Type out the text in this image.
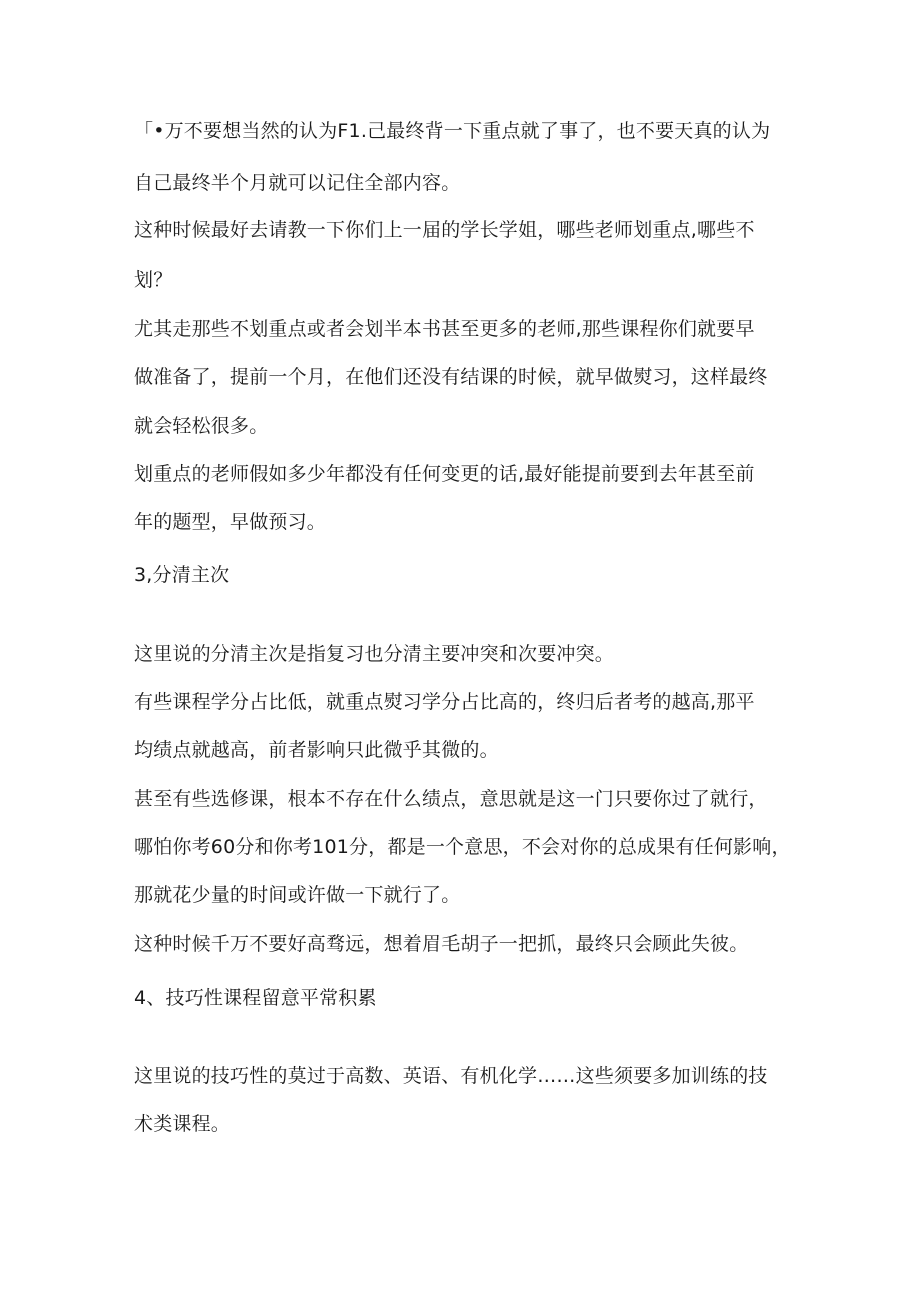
「•万不要想当然的认为F1.己最终背一下重点就了事了，也不要天真的认为

自己最终半个月就可以记住全部内容。

这种时候最好去请教一下你们上一届的学长学姐，哪些老师划重点,哪些不

划？

尤其走那些不划重点或者会划半本书甚至更多的老师,那些课程你们就要早

做准备了，提前一个月，在他们还没有结课的时候，就早做熨习，这样最终

就会轻松很多。

划重点的老师假如多少年都没有任何变更的话,最好能提前要到去年甚至前

年的题型，早做预习。

3,分清主次

这里说的分清主次是指复习也分清主要冲突和次要冲突。

有些课程学分占比低，就重点熨习学分占比高的，终归后者考的越高,那平

均绩点就越高，前者影响只此微乎其微的。

甚至有些选修课，根本不存在什么绩点，意思就是这一门只要你过了就行，

哪怕你考60分和你考101分，都是一个意思，不会对你的总成果有任何影响，

那就花少量的时间或许做一下就行了。

这种时候千万不要好高骛远，想着眉毛胡子一把抓，最终只会顾此失彼。

4、技巧性课程留意平常积累

这里说的技巧性的莫过于高数、英语、有机化学……这些须要多加训练的技

术类课程。
